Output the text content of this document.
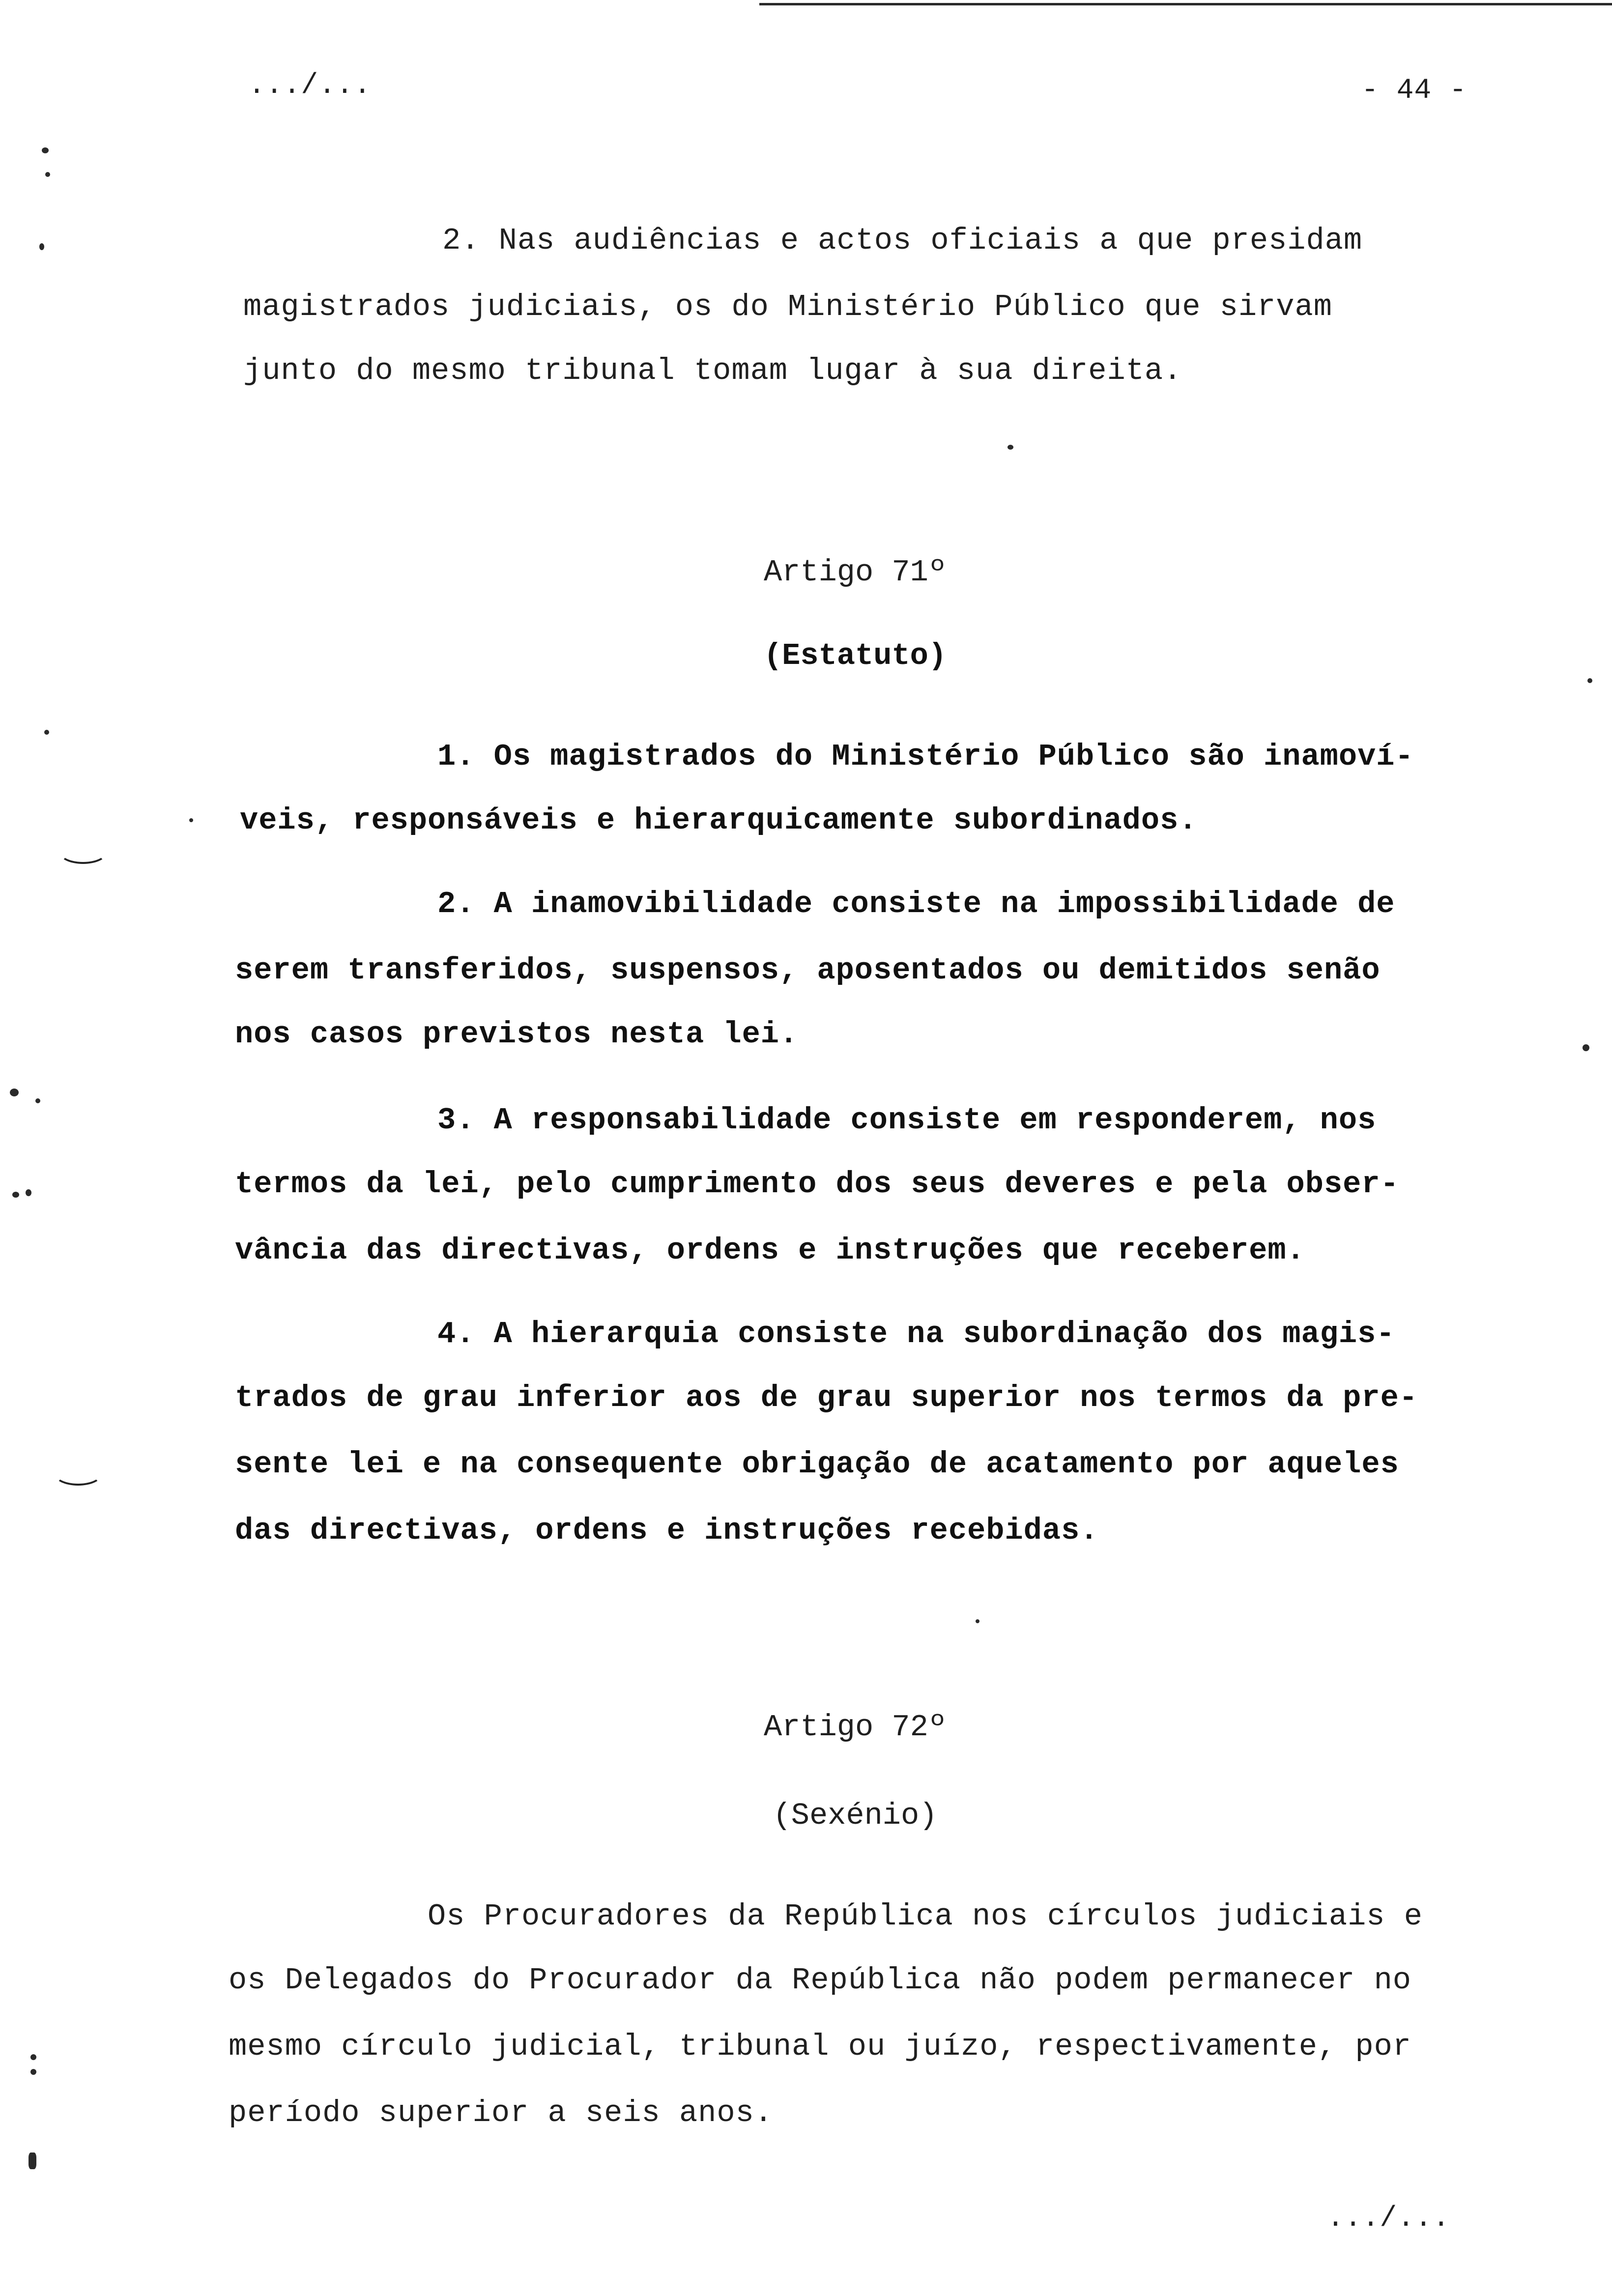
.../...	- 44 -
2. Nas audiências e actos oficiais a que presidam
magistrados judiciais, os do Ministério Público que sirvam
junto do mesmo tribunal tomam lugar à sua direita.
Artigo 71º
(Estatuto)
1. Os magistrados do Ministério Público são inamoví-
veis, responsáveis e hierarquicamente subordinados.
2. A inamovibilidade consiste na impossibilidade de
serem transferidos, suspensos, aposentados ou demitidos senão
nos casos previstos nesta lei.
3. A responsabilidade consiste em responderem, nos
termos da lei, pelo cumprimento dos seus deveres e pela obser-
vância das directivas, ordens e instruções que receberem.
4. A hierarquia consiste na subordinação dos magis-
trados de grau inferior aos de grau superior nos termos da pre-
sente lei e na consequente obrigação de acatamento por aqueles
das directivas, ordens e instruções recebidas.
Artigo 72º
(Sexénio)
Os Procuradores da República nos círculos judiciais e
os Delegados do Procurador da República não podem permanecer no
mesmo círculo judicial, tribunal ou juízo, respectivamente, por
período superior a seis anos.
.../...
